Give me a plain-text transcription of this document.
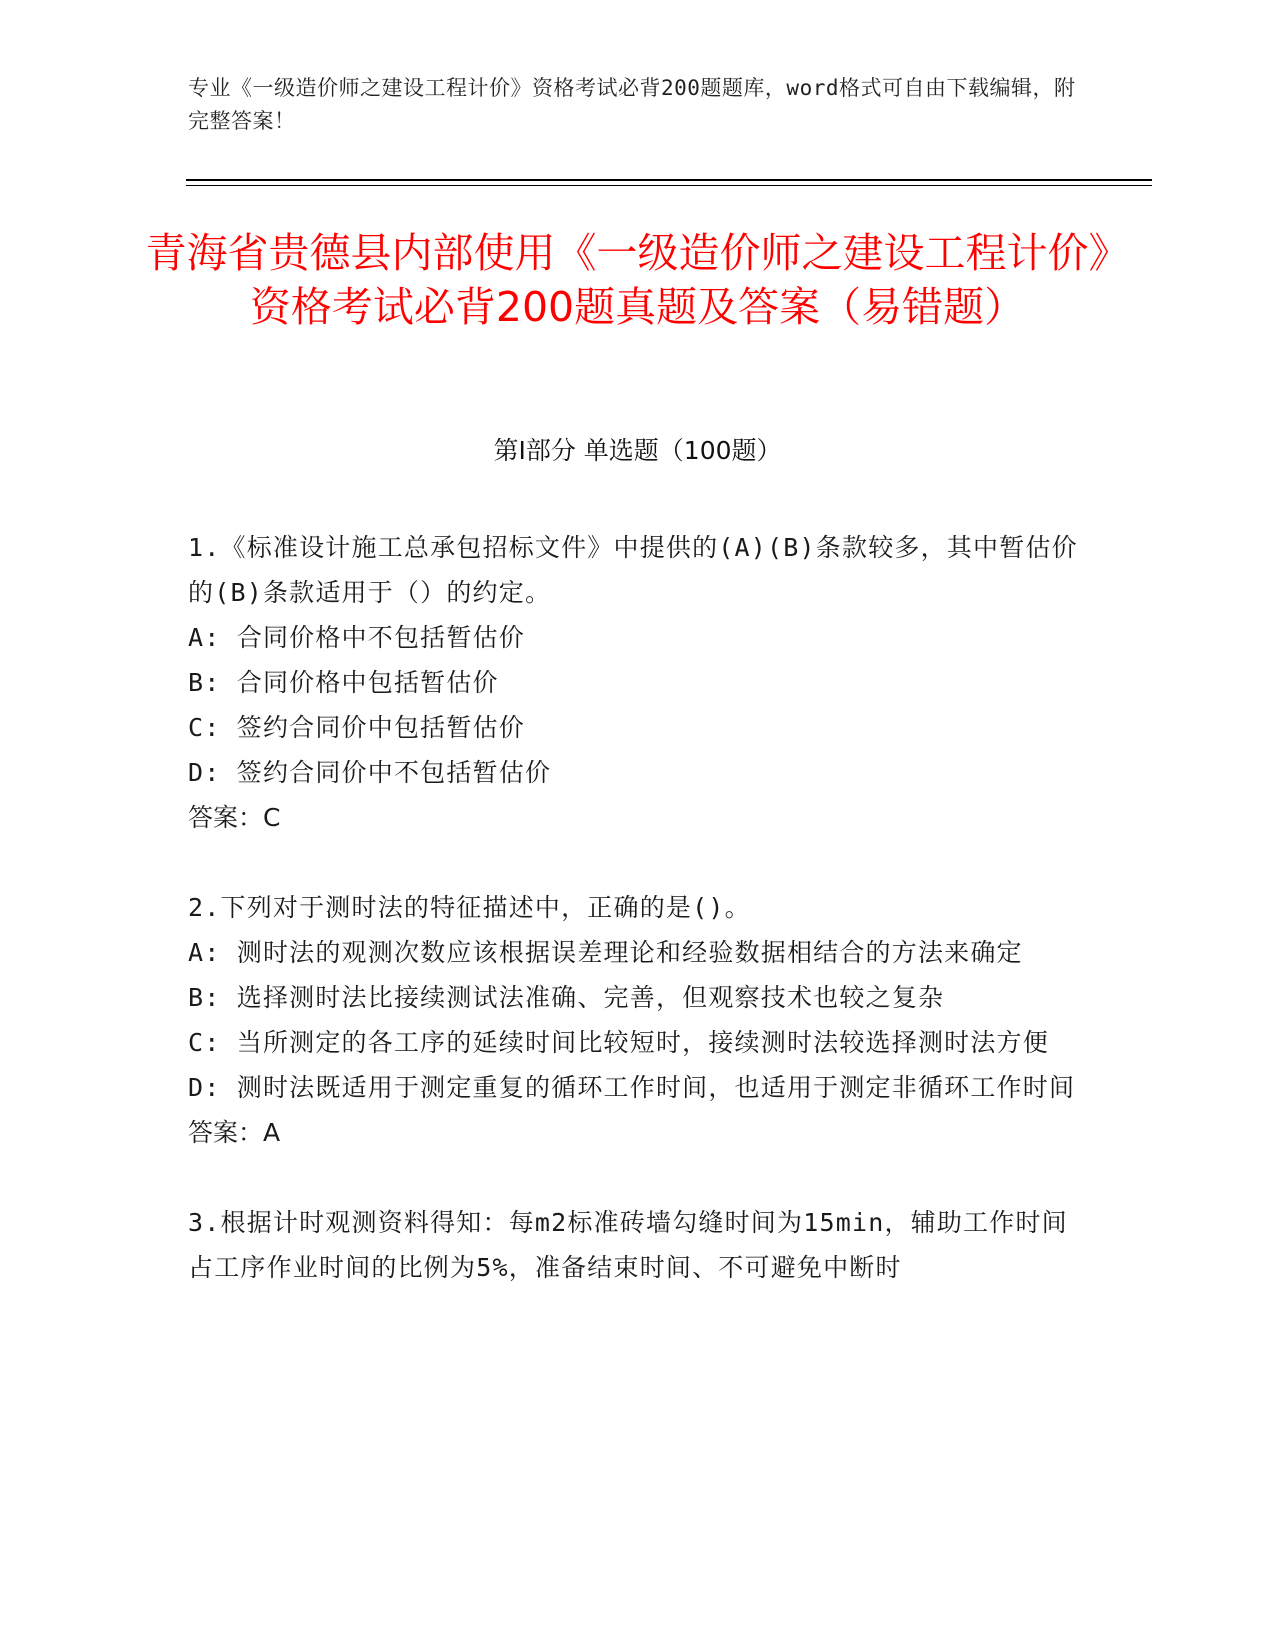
专业《一级造价师之建设工程计价》资格考试必背200题题库，word格式可自由下载编辑，附完整答案！
青海省贵德县内部使用《一级造价师之建设工程计价》资格考试必背200题真题及答案（易错题）
第I部分 单选题（100题）

1.《标准设计施工总承包招标文件》中提供的(A)(B)条款较多，其中暂估价的(B)条款适用于（）的约定。

A: 合同价格中不包括暂估价

B: 合同价格中包括暂估价

C: 签约合同价中包括暂估价

D: 签约合同价中不包括暂估价

答案：C

2.下列对于测时法的特征描述中，正确的是()。

A: 测时法的观测次数应该根据误差理论和经验数据相结合的方法来确定

B: 选择测时法比接续测试法准确、完善，但观察技术也较之复杂

C: 当所测定的各工序的延续时间比较短时，接续测时法较选择测时法方便

D: 测时法既适用于测定重复的循环工作时间，也适用于测定非循环工作时间

答案：A

3.根据计时观测资料得知：每m2标准砖墙勾缝时间为15min，辅助工作时间占工序作业时间的比例为5%，准备结束时间、不可避免中断时
